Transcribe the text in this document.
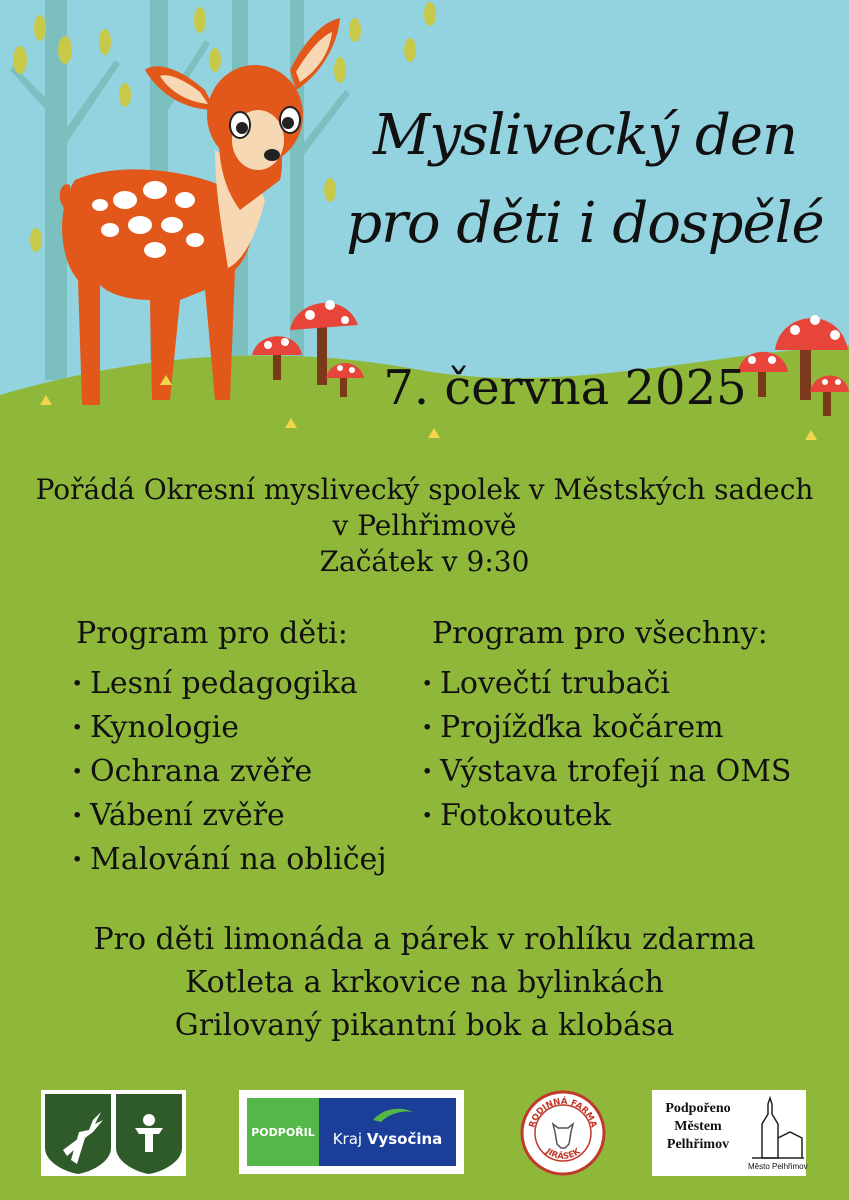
Myslivecký den
pro děti i dospělé
7. června 2025
Pořádá Okresní myslivecký spolek v Městských sadech
v Pelhřimově
Začátek v 9:30
Program pro děti:
· Lesní pedagogika
· Kynologie
· Ochrana zvěře
· Vábení zvěře
· Malování na obličej
Program pro všechny:
· Lovečtí trubači
· Projížďka kočárem
· Výstava trofejí na OMS
· Fotokoutek
Pro děti limonáda a párek v rohlíku zdarma
Kotleta a krkovice na bylinkách
Grilovaný pikantní bok a klobása
PODPOŘIL Kraj Vysočina
RODINNÁ FARMA
JIRÁSEK
Podpořeno
Městem
Pelhřimov
Město Pelhřimov
